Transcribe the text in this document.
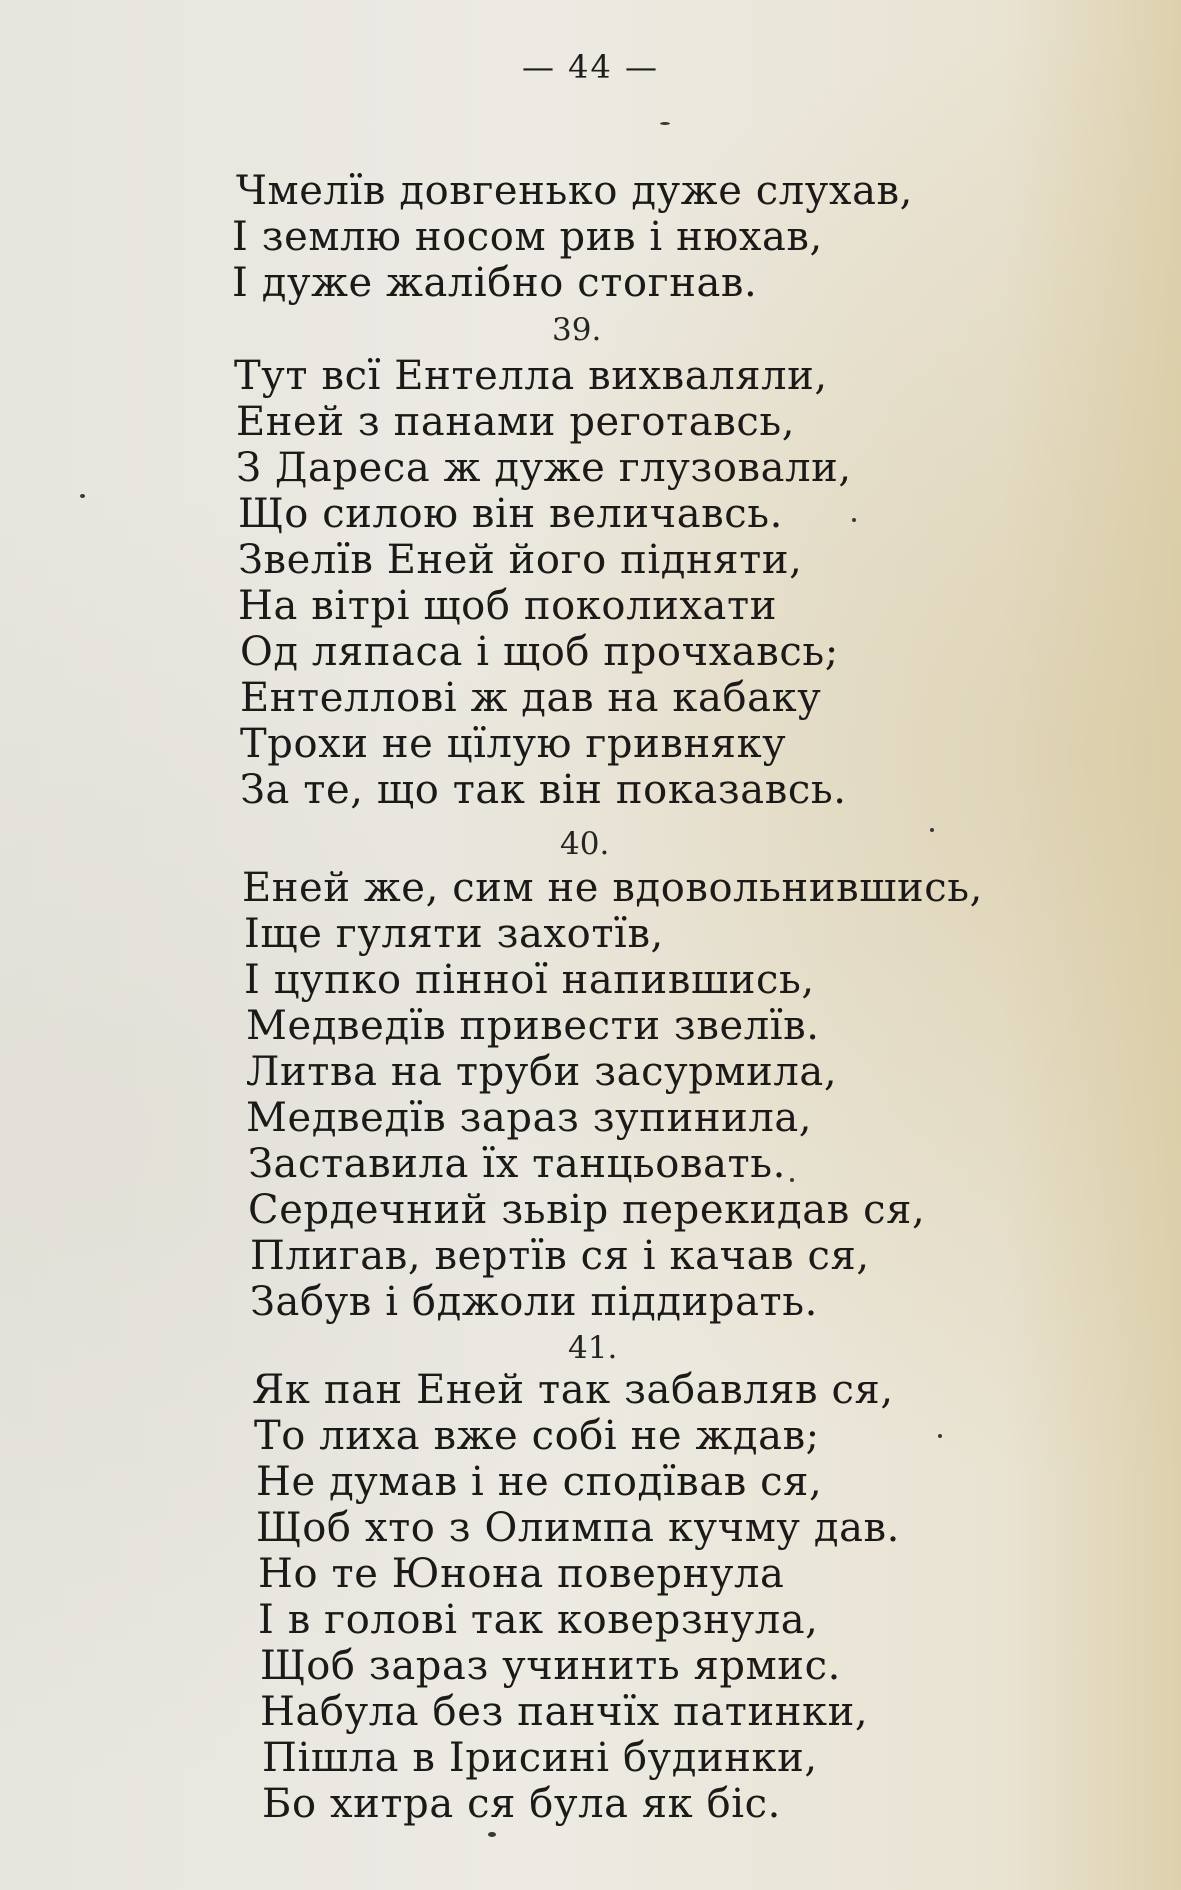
— 44 —
Чмелїв довгенько дуже слухав,
І землю носом рив і нюхав,
І дуже жалібно стогнав.
39.
Тут всї Ентелла вихваляли,
Еней з панами реготавсь,
З Дареса ж дуже глузовали,
Що силою він величавсь.
Звелїв Еней його підняти,
На вітрі щоб поколихати
Од ляпаса і щоб прочхавсь;
Ентеллові ж дав на кабаку
Трохи не цїлую гривняку
За те, що так він показавсь.
40.
Еней же, сим не вдовольнившись,
Іще гуляти захотїв,
І цупко пінної напившись,
Медведїв привести звелїв.
Литва на труби засурмила,
Медведїв зараз зупинила,
Заставила їх танцьовать.
Сердечний зьвір перекидав ся,
Плигав, вертїв ся і качав ся,
Забув і бджоли піддирать.
41.
Як пан Еней так забавляв ся,
То лиха вже собі не ждав;
Не думав і не сподївав ся,
Щоб хто з Олимпа кучму дав.
Но те Юнона повернула
І в голові так коверзнула,
Щоб зараз учинить ярмис.
Набула без панчїх патинки,
Пішла в Ірисині будинки,
Бо хитра ся була як біс.
